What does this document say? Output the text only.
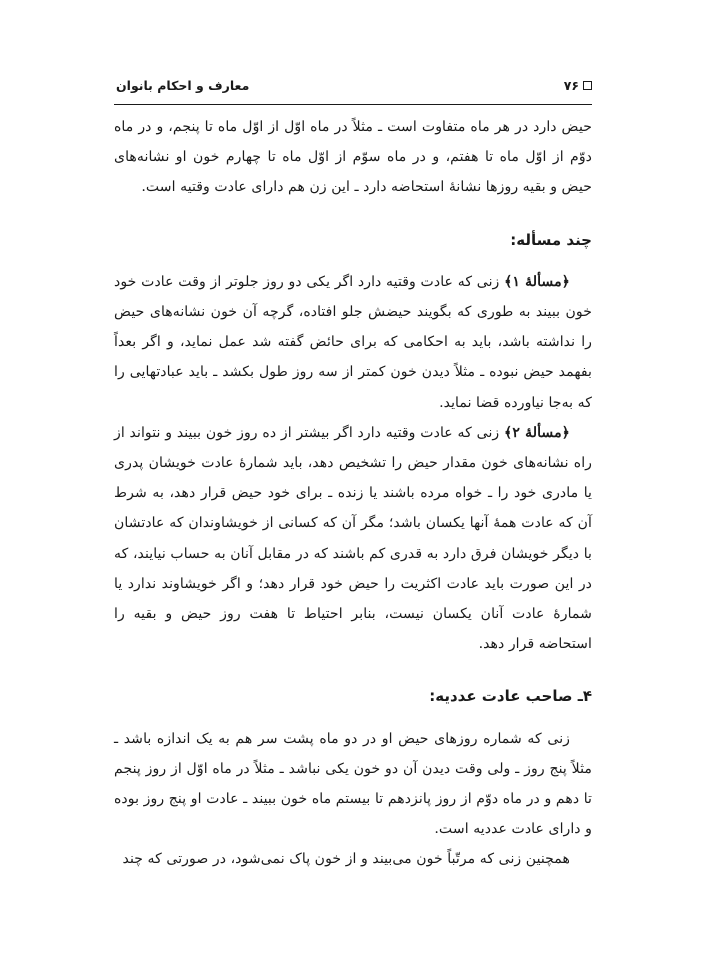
معارف و احکام بانوان	۷۶

حیض دارد در هر ماه متفاوت است ـ مثلاً در ماه اوّل از اوّل ماه تا پنجم، و در ماه دوّم از اوّل ماه تا هفتم، و در ماه سوّم از اوّل ماه تا چهارم خون او نشانه‌های حیض و بقیه روزها نشانهٔ استحاضه دارد ـ این زن هم دارای عادت وقتیه است.

چند مسأله:

﴿مسألهٔ ۱﴾ زنی که عادت وقتیه دارد اگر یکی دو روز جلوتر از وقت عادت خود خون ببیند به طوری که بگویند حیضش جلو افتاده، گرچه آن خون نشانه‌های حیض را نداشته باشد، باید به احکامی که برای حائض گفته شد عمل نماید، و اگر بعداً بفهمد حیض نبوده ـ مثلاً دیدن خون کمتر از سه روز طول بکشد ـ باید عبادتهایی را که به‌جا نیاورده قضا نماید.

﴿مسألهٔ ۲﴾ زنی که عادت وقتیه دارد اگر بیشتر از ده روز خون ببیند و نتواند از راه نشانه‌های خون مقدار حیض را تشخیص دهد، باید شمارهٔ عادت خویشان پدری یا مادری خود را ـ خواه مرده باشند یا زنده ـ برای خود حیض قرار دهد، به شرط آن که عادت همهٔ آنها یکسان باشد؛ مگر آن که کسانی از خویشاوندان که عادتشان با دیگر خویشان فرق دارد به قدری کم باشند که در مقابل آنان به حساب نیایند، که در این صورت باید عادت اکثریت را حیض خود قرار دهد؛ و اگر خویشاوند ندارد یا شمارهٔ عادت آنان یکسان نیست، بنابر احتیاط تا هفت روز حیض و بقیه را استحاضه قرار دهد.

۴ـ صاحب عادت عددیه:

زنی که شماره روزهای حیض او در دو ماه پشت سر هم به یک اندازه باشد ـ مثلاً پنج روز ـ ولی وقت دیدن آن دو خون یکی نباشد ـ مثلاً در ماه اوّل از روز پنجم تا دهم و در ماه دوّم از روز پانزدهم تا بیستم ماه خون ببیند ـ عادت او پنج روز بوده و دارای عادت عددیه است.

همچنین زنی که مرتّباً خون می‌بیند و از خون پاک نمی‌شود، در صورتی که چند
